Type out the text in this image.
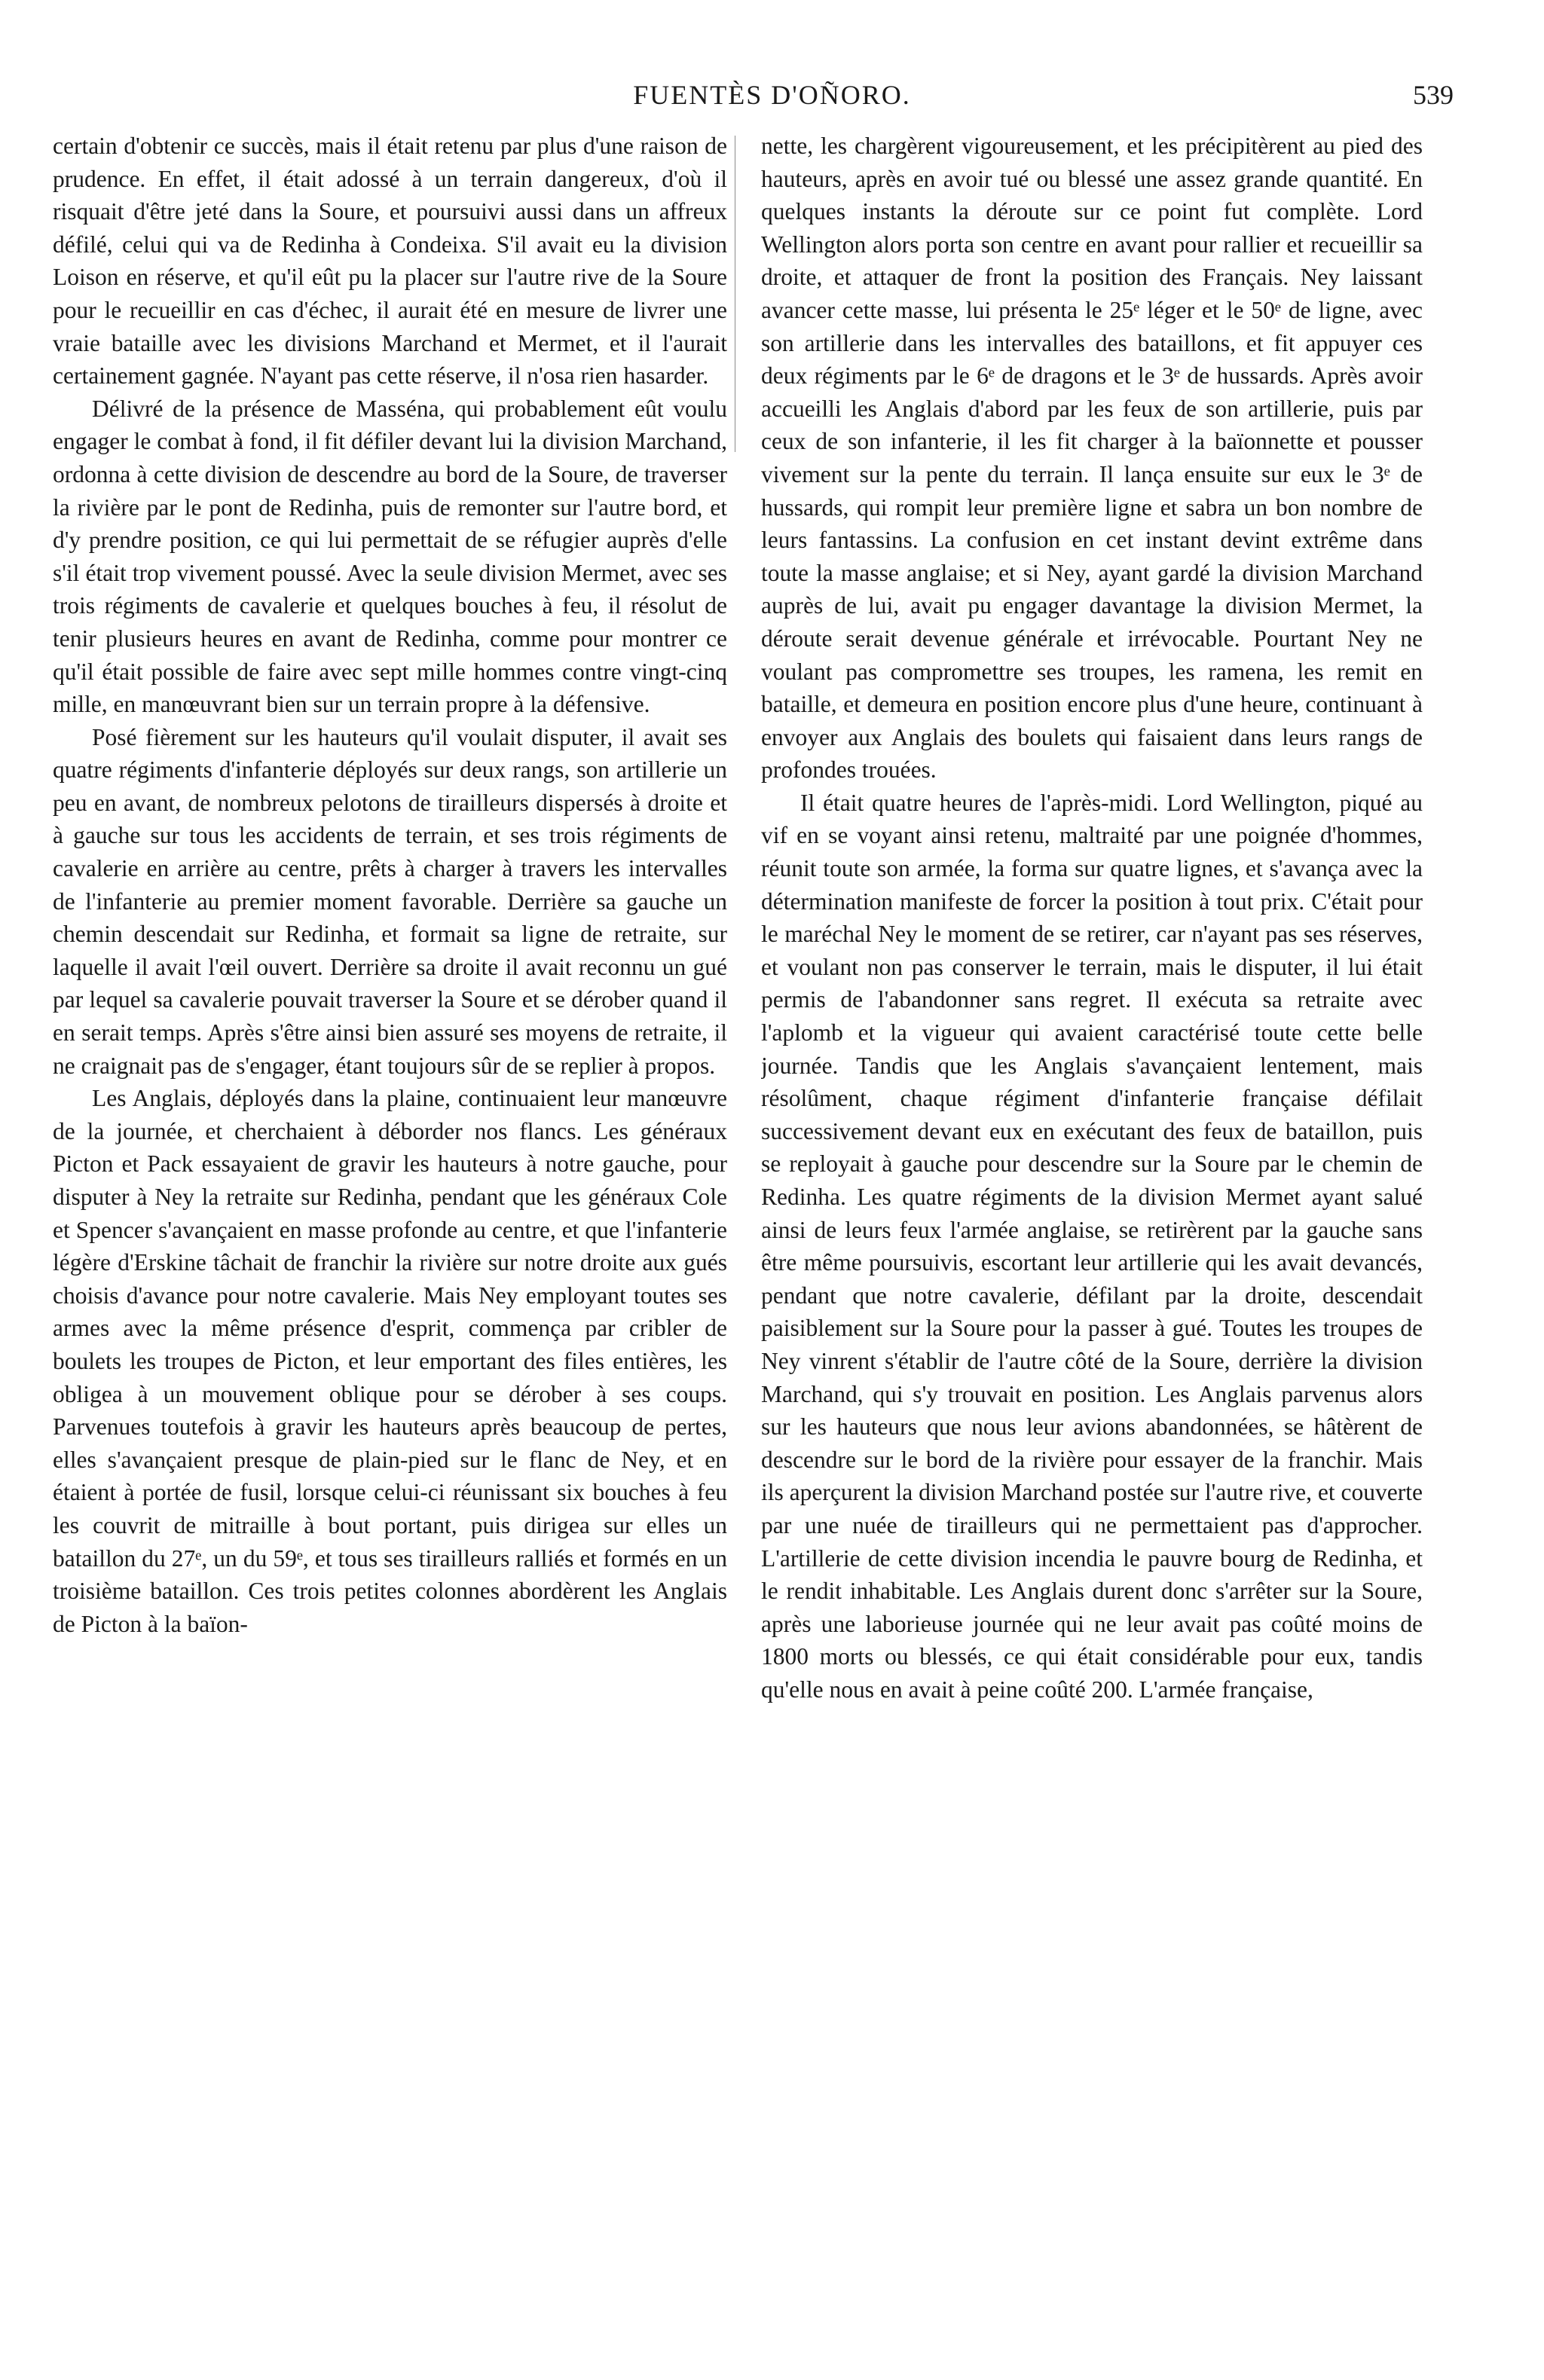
FUENTÈS D'OÑORO.	539

certain d'obtenir ce succès, mais il était retenu par plus d'une raison de prudence. En effet, il était adossé à un terrain dangereux, d'où il risquait d'être jeté dans la Soure, et poursuivi aussi dans un affreux défilé, celui qui va de Redinha à Condeixa. S'il avait eu la division Loison en réserve, et qu'il eût pu la placer sur l'autre rive de la Soure pour le recueillir en cas d'échec, il aurait été en mesure de livrer une vraie bataille avec les divisions Marchand et Mermet, et il l'aurait certainement gagnée. N'ayant pas cette réserve, il n'osa rien hasarder.

Délivré de la présence de Masséna, qui probablement eût voulu engager le combat à fond, il fit défiler devant lui la division Marchand, ordonna à cette division de descendre au bord de la Soure, de traverser la rivière par le pont de Redinha, puis de remonter sur l'autre bord, et d'y prendre position, ce qui lui permettait de se réfugier auprès d'elle s'il était trop vivement poussé. Avec la seule division Mermet, avec ses trois régiments de cavalerie et quelques bouches à feu, il résolut de tenir plusieurs heures en avant de Redinha, comme pour montrer ce qu'il était possible de faire avec sept mille hommes contre vingt-cinq mille, en manœuvrant bien sur un terrain propre à la défensive.

Posé fièrement sur les hauteurs qu'il voulait disputer, il avait ses quatre régiments d'infanterie déployés sur deux rangs, son artillerie un peu en avant, de nombreux pelotons de tirailleurs dispersés à droite et à gauche sur tous les accidents de terrain, et ses trois régiments de cavalerie en arrière au centre, prêts à charger à travers les intervalles de l'infanterie au premier moment favorable. Derrière sa gauche un chemin descendait sur Redinha, et formait sa ligne de retraite, sur laquelle il avait l'œil ouvert. Derrière sa droite il avait reconnu un gué par lequel sa cavalerie pouvait traverser la Soure et se dérober quand il en serait temps. Après s'être ainsi bien assuré ses moyens de retraite, il ne craignait pas de s'engager, étant toujours sûr de se replier à propos.

Les Anglais, déployés dans la plaine, continuaient leur manœuvre de la journée, et cherchaient à déborder nos flancs. Les généraux Picton et Pack essayaient de gravir les hauteurs à notre gauche, pour disputer à Ney la retraite sur Redinha, pendant que les généraux Cole et Spencer s'avançaient en masse profonde au centre, et que l'infanterie légère d'Erskine tâchait de franchir la rivière sur notre droite aux gués choisis d'avance pour notre cavalerie. Mais Ney employant toutes ses armes avec la même présence d'esprit, commença par cribler de boulets les troupes de Picton, et leur emportant des files entières, les obligea à un mouvement oblique pour se dérober à ses coups. Parvenues toutefois à gravir les hauteurs après beaucoup de pertes, elles s'avançaient presque de plain-pied sur le flanc de Ney, et en étaient à portée de fusil, lorsque celui-ci réunissant six bouches à feu les couvrit de mitraille à bout portant, puis dirigea sur elles un bataillon du 27ᵉ, un du 59ᵉ, et tous ses tirailleurs ralliés et formés en un troisième bataillon. Ces trois petites colonnes abordèrent les Anglais de Picton à la baïon-

nette, les chargèrent vigoureusement, et les précipitèrent au pied des hauteurs, après en avoir tué ou blessé une assez grande quantité. En quelques instants la déroute sur ce point fut complète. Lord Wellington alors porta son centre en avant pour rallier et recueillir sa droite, et attaquer de front la position des Français. Ney laissant avancer cette masse, lui présenta le 25ᵉ léger et le 50ᵉ de ligne, avec son artillerie dans les intervalles des bataillons, et fit appuyer ces deux régiments par le 6ᵉ de dragons et le 3ᵉ de hussards. Après avoir accueilli les Anglais d'abord par les feux de son artillerie, puis par ceux de son infanterie, il les fit charger à la baïonnette et pousser vivement sur la pente du terrain. Il lança ensuite sur eux le 3ᵉ de hussards, qui rompit leur première ligne et sabra un bon nombre de leurs fantassins. La confusion en cet instant devint extrême dans toute la masse anglaise; et si Ney, ayant gardé la division Marchand auprès de lui, avait pu engager davantage la division Mermet, la déroute serait devenue générale et irrévocable. Pourtant Ney ne voulant pas compromettre ses troupes, les ramena, les remit en bataille, et demeura en position encore plus d'une heure, continuant à envoyer aux Anglais des boulets qui faisaient dans leurs rangs de profondes trouées.

Il était quatre heures de l'après-midi. Lord Wellington, piqué au vif en se voyant ainsi retenu, maltraité par une poignée d'hommes, réunit toute son armée, la forma sur quatre lignes, et s'avança avec la détermination manifeste de forcer la position à tout prix. C'était pour le maréchal Ney le moment de se retirer, car n'ayant pas ses réserves, et voulant non pas conserver le terrain, mais le disputer, il lui était permis de l'abandonner sans regret. Il exécuta sa retraite avec l'aplomb et la vigueur qui avaient caractérisé toute cette belle journée. Tandis que les Anglais s'avançaient lentement, mais résolûment, chaque régiment d'infanterie française défilait successivement devant eux en exécutant des feux de bataillon, puis se reployait à gauche pour descendre sur la Soure par le chemin de Redinha. Les quatre régiments de la division Mermet ayant salué ainsi de leurs feux l'armée anglaise, se retirèrent par la gauche sans être même poursuivis, escortant leur artillerie qui les avait devancés, pendant que notre cavalerie, défilant par la droite, descendait paisiblement sur la Soure pour la passer à gué. Toutes les troupes de Ney vinrent s'établir de l'autre côté de la Soure, derrière la division Marchand, qui s'y trouvait en position. Les Anglais parvenus alors sur les hauteurs que nous leur avions abandonnées, se hâtèrent de descendre sur le bord de la rivière pour essayer de la franchir. Mais ils aperçurent la division Marchand postée sur l'autre rive, et couverte par une nuée de tirailleurs qui ne permettaient pas d'approcher. L'artillerie de cette division incendia le pauvre bourg de Redinha, et le rendit inhabitable. Les Anglais durent donc s'arrêter sur la Soure, après une laborieuse journée qui ne leur avait pas coûté moins de 1800 morts ou blessés, ce qui était considérable pour eux, tandis qu'elle nous en avait à peine coûté 200. L'armée française,
